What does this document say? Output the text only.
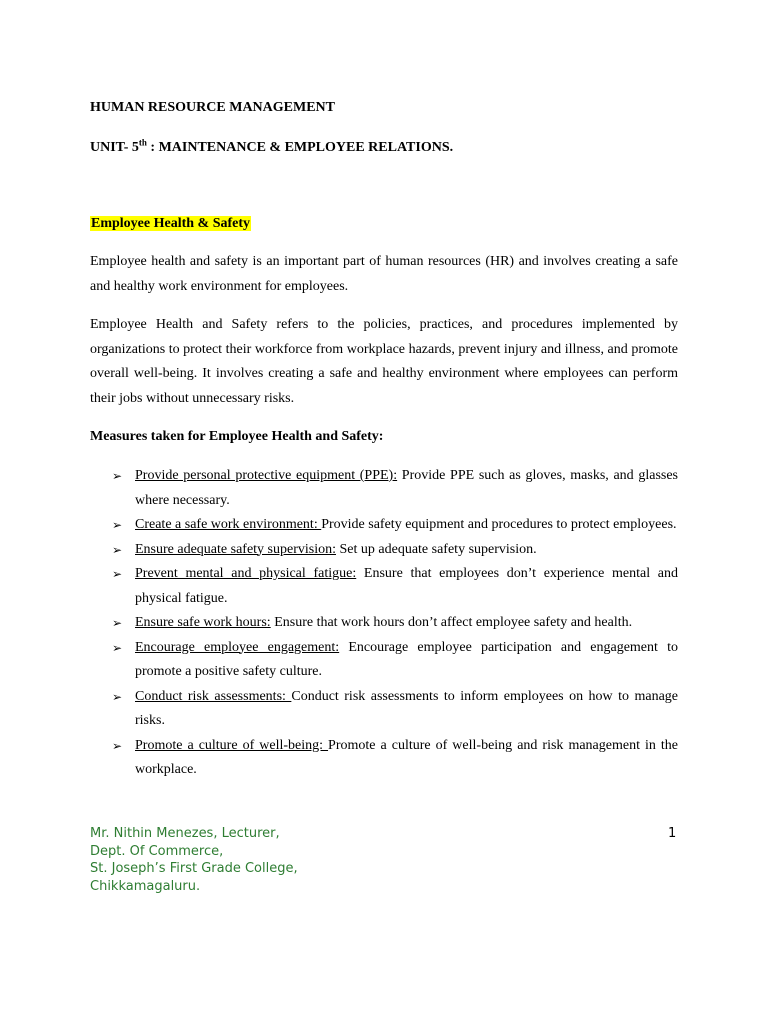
HUMAN RESOURCE MANAGEMENT
UNIT- 5th : MAINTENANCE & EMPLOYEE RELATIONS.
Employee Health & Safety

Employee health and safety is an important part of human resources (HR) and involves creating a safe and healthy work environment for employees.

Employee Health and Safety refers to the policies, practices, and procedures implemented by organizations to protect their workforce from workplace hazards, prevent injury and illness, and promote overall well-being. It involves creating a safe and healthy environment where employees can perform their jobs without unnecessary risks.

Measures taken for Employee Health and Safety:
➢ Provide personal protective equipment (PPE): Provide PPE such as gloves, masks, and glasses where necessary.
➢ Create a safe work environment: Provide safety equipment and procedures to protect employees.
➢ Ensure adequate safety supervision: Set up adequate safety supervision.
➢ Prevent mental and physical fatigue: Ensure that employees don’t experience mental and physical fatigue.
➢ Ensure safe work hours: Ensure that work hours don’t affect employee safety and health.
➢ Encourage employee engagement: Encourage employee participation and engagement to promote a positive safety culture.
➢ Conduct risk assessments: Conduct risk assessments to inform employees on how to manage risks.
➢ Promote a culture of well-being: Promote a culture of well-being and risk management in the workplace.
Mr. Nithin Menezes, Lecturer,
Dept. Of Commerce,
St. Joseph’s First Grade College,
Chikkamagaluru.
1
